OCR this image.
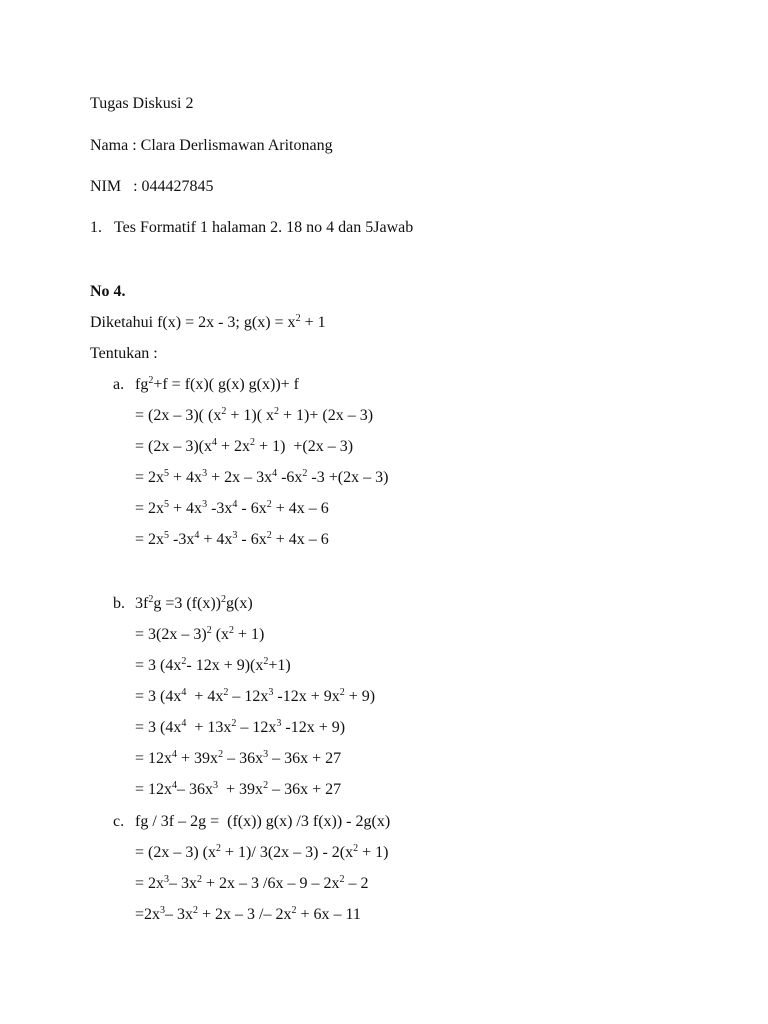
Tugas Diskusi 2

Nama : Clara Derlismawan Aritonang

NIM   : 044427845

1. Tes Formatif 1 halaman 2. 18 no 4 dan 5Jawab

No 4.

Diketahui f(x) = 2x - 3; $g(x) = x^2 + 1$

Tentukan :

a. $fg^2+f = f(x)$( g(x) g(x))+ f

= (2x – 3)( $(x^2 + 1)$( $x^2 + 1)+ (2x - 3)$

= $(2x - 3)(x^4 + 2x^2 + 1) +(2x - 3)$

= $2x^5 + 4x^3 + 2x - 3x^4$ $-6x^2$ -3 +(2x – 3)

= $2x^5 + 4x^3$ $-3x^4 - 6x^2 + 4x - 6$

= $2x^5$ $-3x^4 + 4x^3 - 6x^2 + 4x - 6$

b. $3f^2g =3$ $(f(x))^2g(x)$

= 3(2x – 3)$^2$ $(x^2 + 1)$

= 3 ($4x^2-$ $12x + 9)(x^2+1)$

= 3 ($4x^4 + 4x^2 - 12x^3$ $-12x + 9x^2 + 9$)

= 3 ($4x^4 + 13x^2 - 12x^3$ -12x + 9)

= $12x^4 + 39x^2 - 36x^3 - 36x + 27$

= $12x^4-$ $36x^3 + 39x^2 - 36x + 27$

c. fg / 3f – 2g =  (f(x)) g(x) /3 f(x)) - 2g(x)

= (2x – 3) $(x^2 + 1)/$ $3(2x - 3) - 2(x^2 + 1)$

= $2x^3-$ $3x^2 + 2x - 3$ $/6x - 9 - 2x^2 - 2$

$=2x^3-$ $3x^2 + 2x - 3 /- 2x^2 + 6x - 11$
